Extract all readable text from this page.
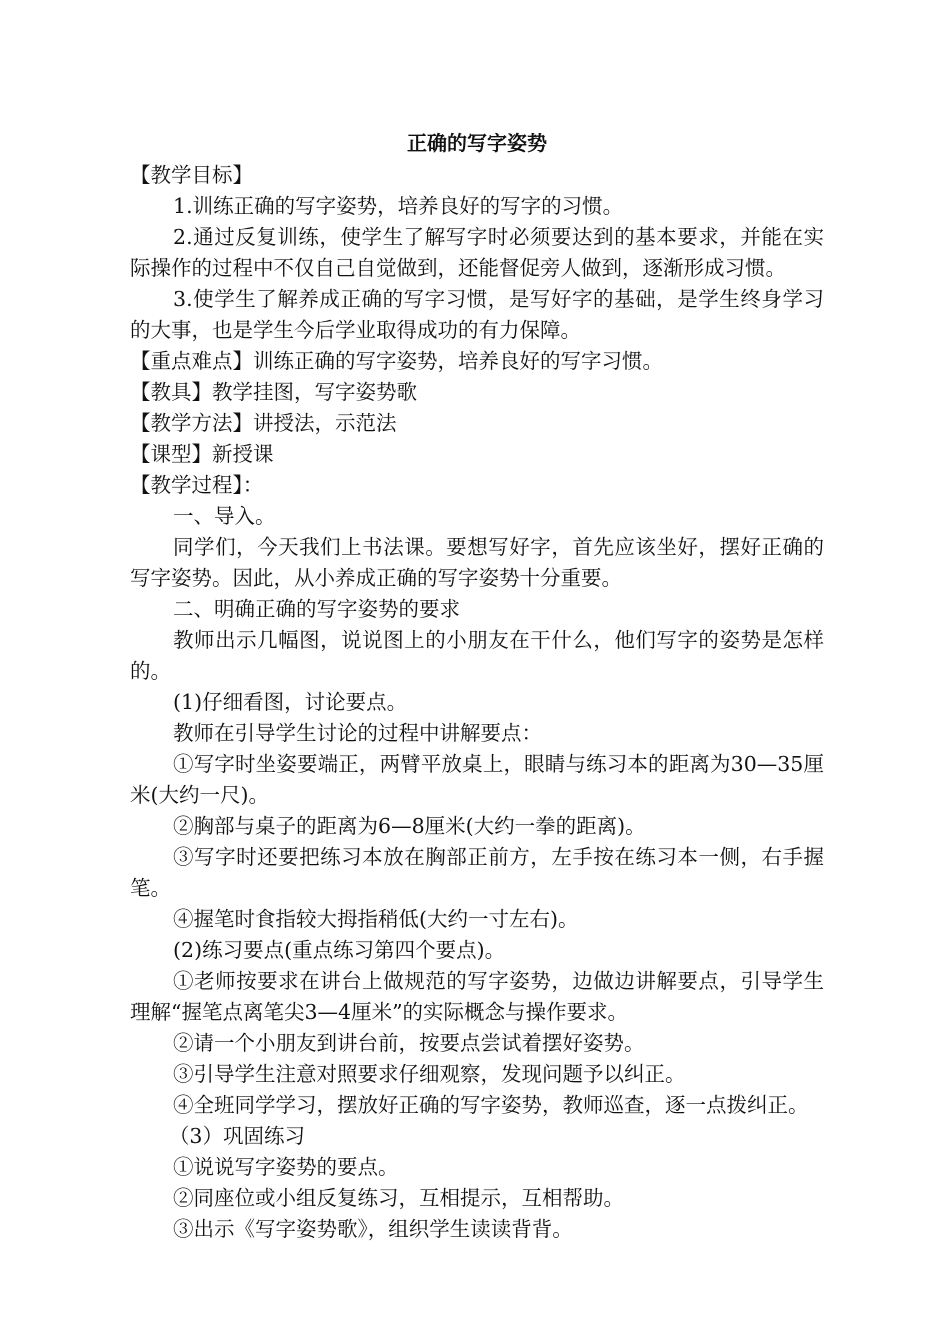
正确的写字姿势

【教学目标】

1.训练正确的写字姿势，培养良好的写字的习惯。

2.通过反复训练，使学生了解写字时必须要达到的基本要求，并能在实际操作的过程中不仅自己自觉做到，还能督促旁人做到，逐渐形成习惯。

3.使学生了解养成正确的写字习惯，是写好字的基础，是学生终身学习的大事，也是学生今后学业取得成功的有力保障。

【重点难点】训练正确的写字姿势，培养良好的写字习惯。

【教具】教学挂图，写字姿势歌

【教学方法】讲授法，示范法

【课型】新授课

【教学过程】：

一、导入。

同学们，今天我们上书法课。要想写好字，首先应该坐好，摆好正确的写字姿势。因此，从小养成正确的写字姿势十分重要。

二、明确正确的写字姿势的要求

教师出示几幅图，说说图上的小朋友在干什么，他们写字的姿势是怎样的。

(1)仔细看图，讨论要点。

教师在引导学生讨论的过程中讲解要点：

①写字时坐姿要端正，两臂平放桌上，眼睛与练习本的距离为30—35厘米(大约一尺)。

②胸部与桌子的距离为6—8厘米(大约一拳的距离)。

③写字时还要把练习本放在胸部正前方，左手按在练习本一侧，右手握笔。

④握笔时食指较大拇指稍低(大约一寸左右)。

(2)练习要点(重点练习第四个要点)。

①老师按要求在讲台上做规范的写字姿势，边做边讲解要点，引导学生理解“握笔点离笔尖3—4厘米”的实际概念与操作要求。

②请一个小朋友到讲台前，按要点尝试着摆好姿势。

③引导学生注意对照要求仔细观察，发现问题予以纠正。

④全班同学学习，摆放好正确的写字姿势，教师巡查，逐一点拨纠正。

（3）巩固练习

①说说写字姿势的要点。

②同座位或小组反复练习，互相提示，互相帮助。

③出示《写字姿势歌》，组织学生读读背背。
